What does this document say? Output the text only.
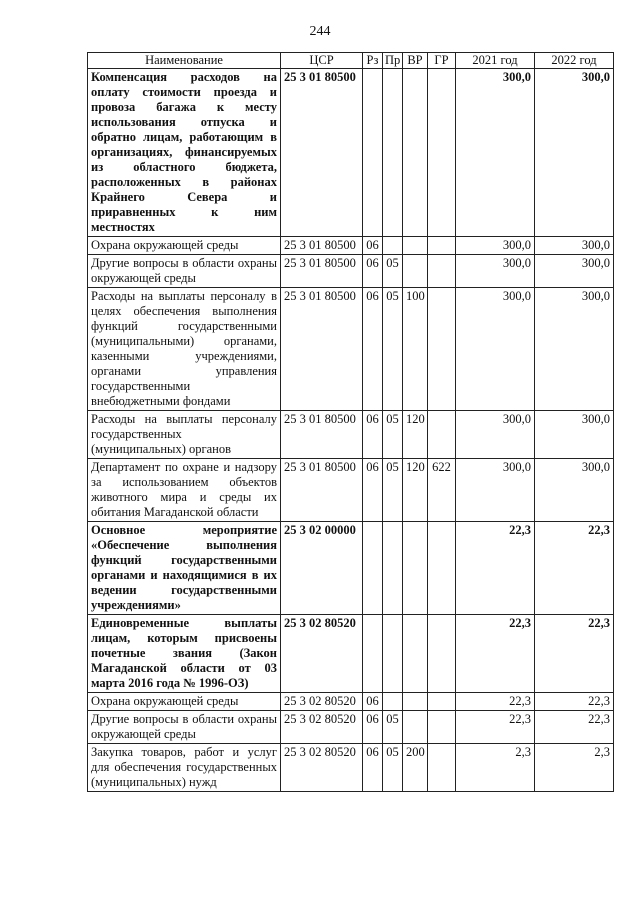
244
Наименование	ЦСР	Рз	Пр	ВР	ГР	2021 год	2022 год
Компенсация расходов на оплату стоимости проезда и провоза багажа к месту использования отпуска и обратно лицам, работающим в организациях, финансируемых из областного бюджета, расположенных в районах Крайнего Севера и приравненных к ним местностях	25 3 01 80500					300,0	300,0
Охрана окружающей среды	25 3 01 80500	06				300,0	300,0
Другие вопросы в области охраны окружающей среды	25 3 01 80500	06	05			300,0	300,0
Расходы на выплаты персоналу в целях обеспечения выполнения функций государственными (муниципальными) органами, казенными учреждениями, органами управления государственными внебюджетными фондами	25 3 01 80500	06	05	100		300,0	300,0
Расходы на выплаты персоналу государственных (муниципальных) органов	25 3 01 80500	06	05	120		300,0	300,0
Департамент по охране и надзору за использованием объектов животного мира и среды их обитания Магаданской области	25 3 01 80500	06	05	120	622	300,0	300,0
Основное мероприятие «Обеспечение выполнения функций государственными органами и находящимися в их ведении государственными учреждениями»	25 3 02 00000					22,3	22,3
Единовременные выплаты лицам, которым присвоены почетные звания (Закон Магаданской области от 03 марта 2016 года № 1996-ОЗ)	25 3 02 80520					22,3	22,3
Охрана окружающей среды	25 3 02 80520	06				22,3	22,3
Другие вопросы в области охраны окружающей среды	25 3 02 80520	06	05			22,3	22,3
Закупка товаров, работ и услуг для обеспечения государственных (муниципальных) нужд	25 3 02 80520	06	05	200		2,3	2,3
